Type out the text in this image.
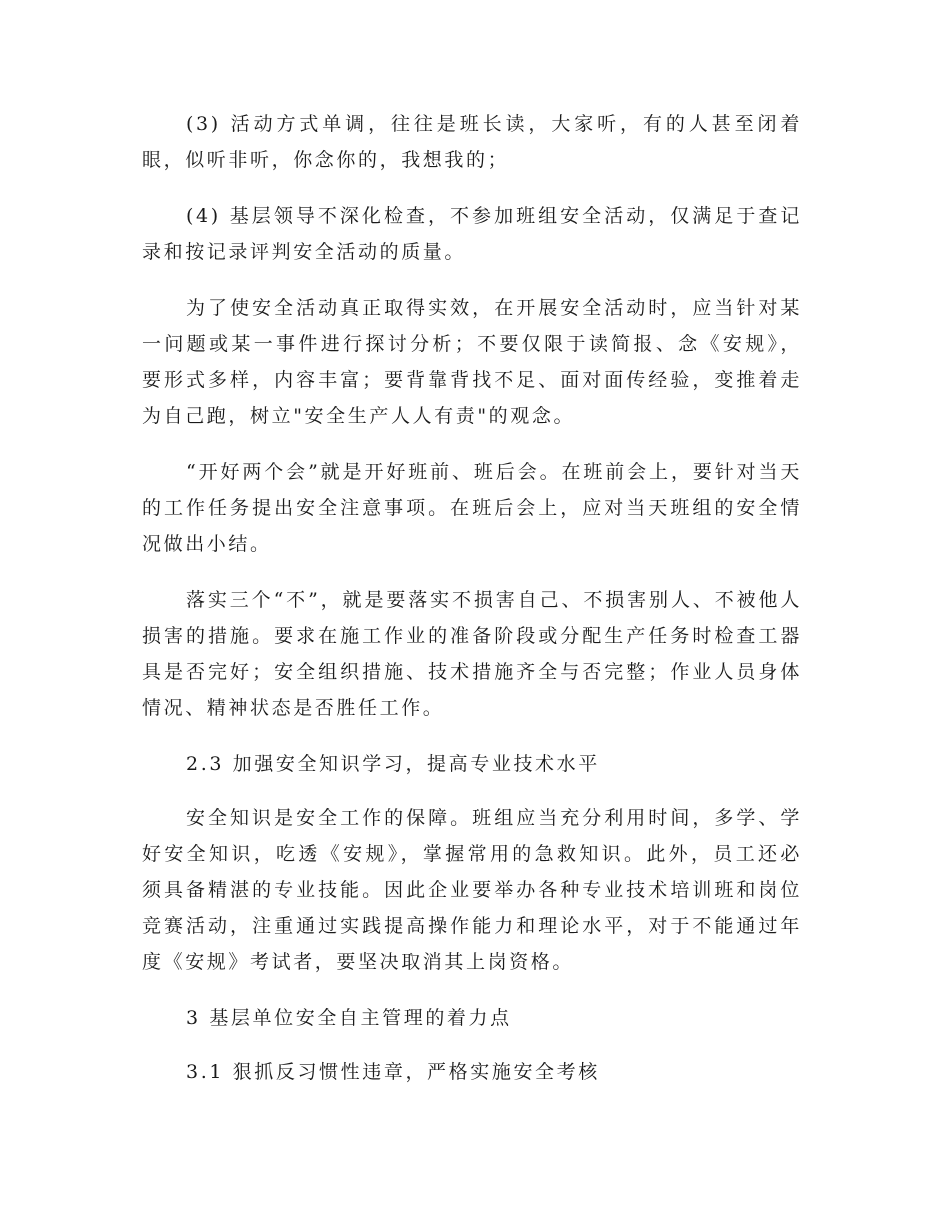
(3) 活动方式单调，往往是班长读，大家听，有的人甚至闭着眼，似听非听，你念你的，我想我的；

(4) 基层领导不深化检查，不参加班组安全活动，仅满足于查记录和按记录评判安全活动的质量。

为了使安全活动真正取得实效，在开展安全活动时，应当针对某一问题或某一事件进行探讨分析；不要仅限于读简报、念《安规》，要形式多样，内容丰富；要背靠背找不足、面对面传经验，变推着走为自己跑，树立"安全生产人人有责"的观念。

“开好两个会”就是开好班前、班后会。在班前会上，要针对当天的工作任务提出安全注意事项。在班后会上，应对当天班组的安全情况做出小结。

落实三个“不”，就是要落实不损害自己、不损害别人、不被他人损害的措施。要求在施工作业的准备阶段或分配生产任务时检查工器具是否完好；安全组织措施、技术措施齐全与否完整；作业人员身体情况、精神状态是否胜任工作。

2.3 加强安全知识学习，提高专业技术水平

安全知识是安全工作的保障。班组应当充分利用时间，多学、学好安全知识，吃透《安规》，掌握常用的急救知识。此外，员工还必须具备精湛的专业技能。因此企业要举办各种专业技术培训班和岗位竞赛活动，注重通过实践提高操作能力和理论水平，对于不能通过年度《安规》考试者，要坚决取消其上岗资格。

3 基层单位安全自主管理的着力点

3.1 狠抓反习惯性违章，严格实施安全考核
